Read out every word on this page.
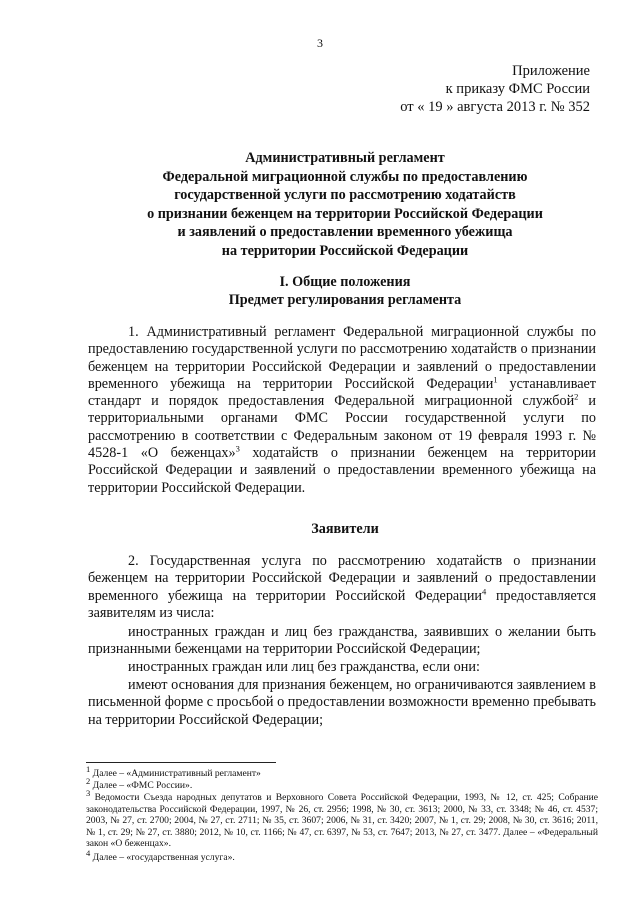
3
Приложение
к приказу ФМС России
от « 19 » августа 2013 г. № 352
Административный регламент
Федеральной миграционной службы по предоставлению
государственной услуги по рассмотрению ходатайств
о признании беженцем на территории Российской Федерации
и заявлений о предоставлении временного убежища
на территории Российской Федерации
I. Общие положения
Предмет регулирования регламента
1. Административный регламент Федеральной миграционной службы по предоставлению государственной услуги по рассмотрению ходатайств о признании беженцем на территории Российской Федерации и заявлений о предоставлении временного убежища на территории Российской Федерации$^1$ устанавливает стандарт и порядок предоставления Федеральной миграционной службой$^2$ и территориальными органами ФМС России государственной услуги по рассмотрению в соответствии с Федеральным законом от 19 февраля 1993 г. № 4528-1 «О беженцах»$^3$ ходатайств о признании беженцем на территории Российской Федерации и заявлений о предоставлении временного убежища на территории Российской Федерации.
Заявители
2. Государственная услуга по рассмотрению ходатайств о признании беженцем на территории Российской Федерации и заявлений о предоставлении временного убежища на территории Российской Федерации$^4$ предоставляется заявителям из числа:
иностранных граждан и лиц без гражданства, заявивших о желании быть признанными беженцами на территории Российской Федерации;
иностранных граждан или лиц без гражданства, если они:
имеют основания для признания беженцем, но ограничиваются заявлением в письменной форме с просьбой о предоставлении возможности временно пребывать на территории Российской Федерации;
$^1$ Далее – «Административный регламент»
$^2$ Далее – «ФМС России».
$^3$ Ведомости Съезда народных депутатов и Верховного Совета Российской Федерации, 1993, № 12, ст. 425; Собрание законодательства Российской Федерации, 1997, № 26, ст. 2956; 1998, № 30, ст. 3613; 2000, № 33, ст. 3348; № 46, ст. 4537; 2003, № 27, ст. 2700; 2004, № 27, ст. 2711; № 35, ст. 3607; 2006, № 31, ст. 3420; 2007, № 1, ст. 29; 2008, № 30, ст. 3616; 2011, № 1, ст. 29; № 27, ст. 3880; 2012, № 10, ст. 1166; № 47, ст. 6397, № 53, ст. 7647; 2013, № 27, ст. 3477. Далее – «Федеральный закон «О беженцах».
$^4$ Далее – «государственная услуга».
